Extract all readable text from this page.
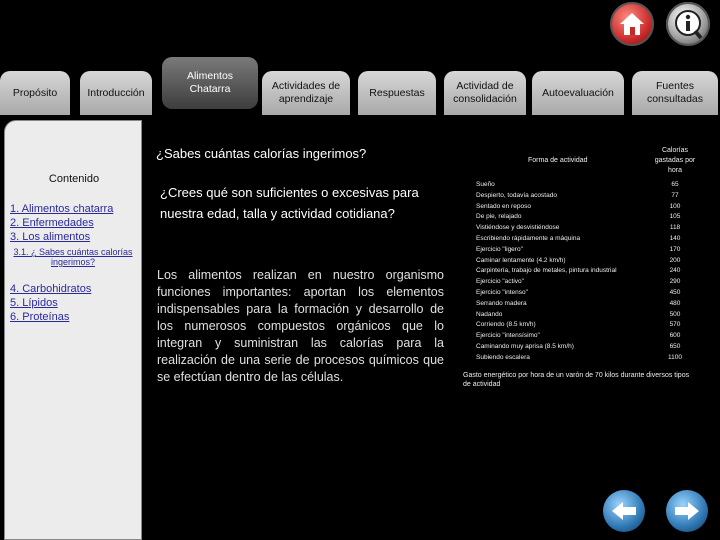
Propósito	Introducción
Alimentos Chatarra	Actividades de aprendizaje
Respuestas
Actividad de consolidación
Autoevaluación
Fuentes consultadas
Contenido
1. Alimentos chatarra
2. Enfermedades
3. Los alimentos
3.1. ¿ Sabes cuántas calorías ingerimos?
4. Carbohidratos
5. Lípidos
6. Proteínas
¿Sabes cuántas calorías ingerimos?
¿Crees qué son suficientes o excesivas para nuestra edad, talla y actividad cotidiana?
Los alimentos realizan en nuestro organismo funciones importantes: aportan los elementos indispensables para la formación y desarrollo de los numerosos compuestos orgánicos que lo integran y suministran las calorías para la realización de una serie de procesos químicos que se efectúan dentro de las células.
Forma de actividad
Calorías gastadas por hora
Sueño	65
Despierto, todavía acostado	77
Sentado en reposo	100
De pie, relajado	105
Vistiéndose y desvistiéndose	118
Escribiendo rápidamente a máquina	140
Ejercicio "ligero"	170
Caminar lentamente (4.2 km/h)	200
Carpintería, trabajo de metales, pintura industrial	240
Ejercicio "activo"	290
Ejercicio "intenso"	450
Serrando madera	480
Nadando	500
Corriendo (8.5 km/h)	570
Ejercicio "intensísimo"	600
Caminando muy aprisa (8.5 km/h)	650
Subiendo escalera	1100
Gasto energético por hora de un varón de 70 kilos durante diversos tipos de actividad
